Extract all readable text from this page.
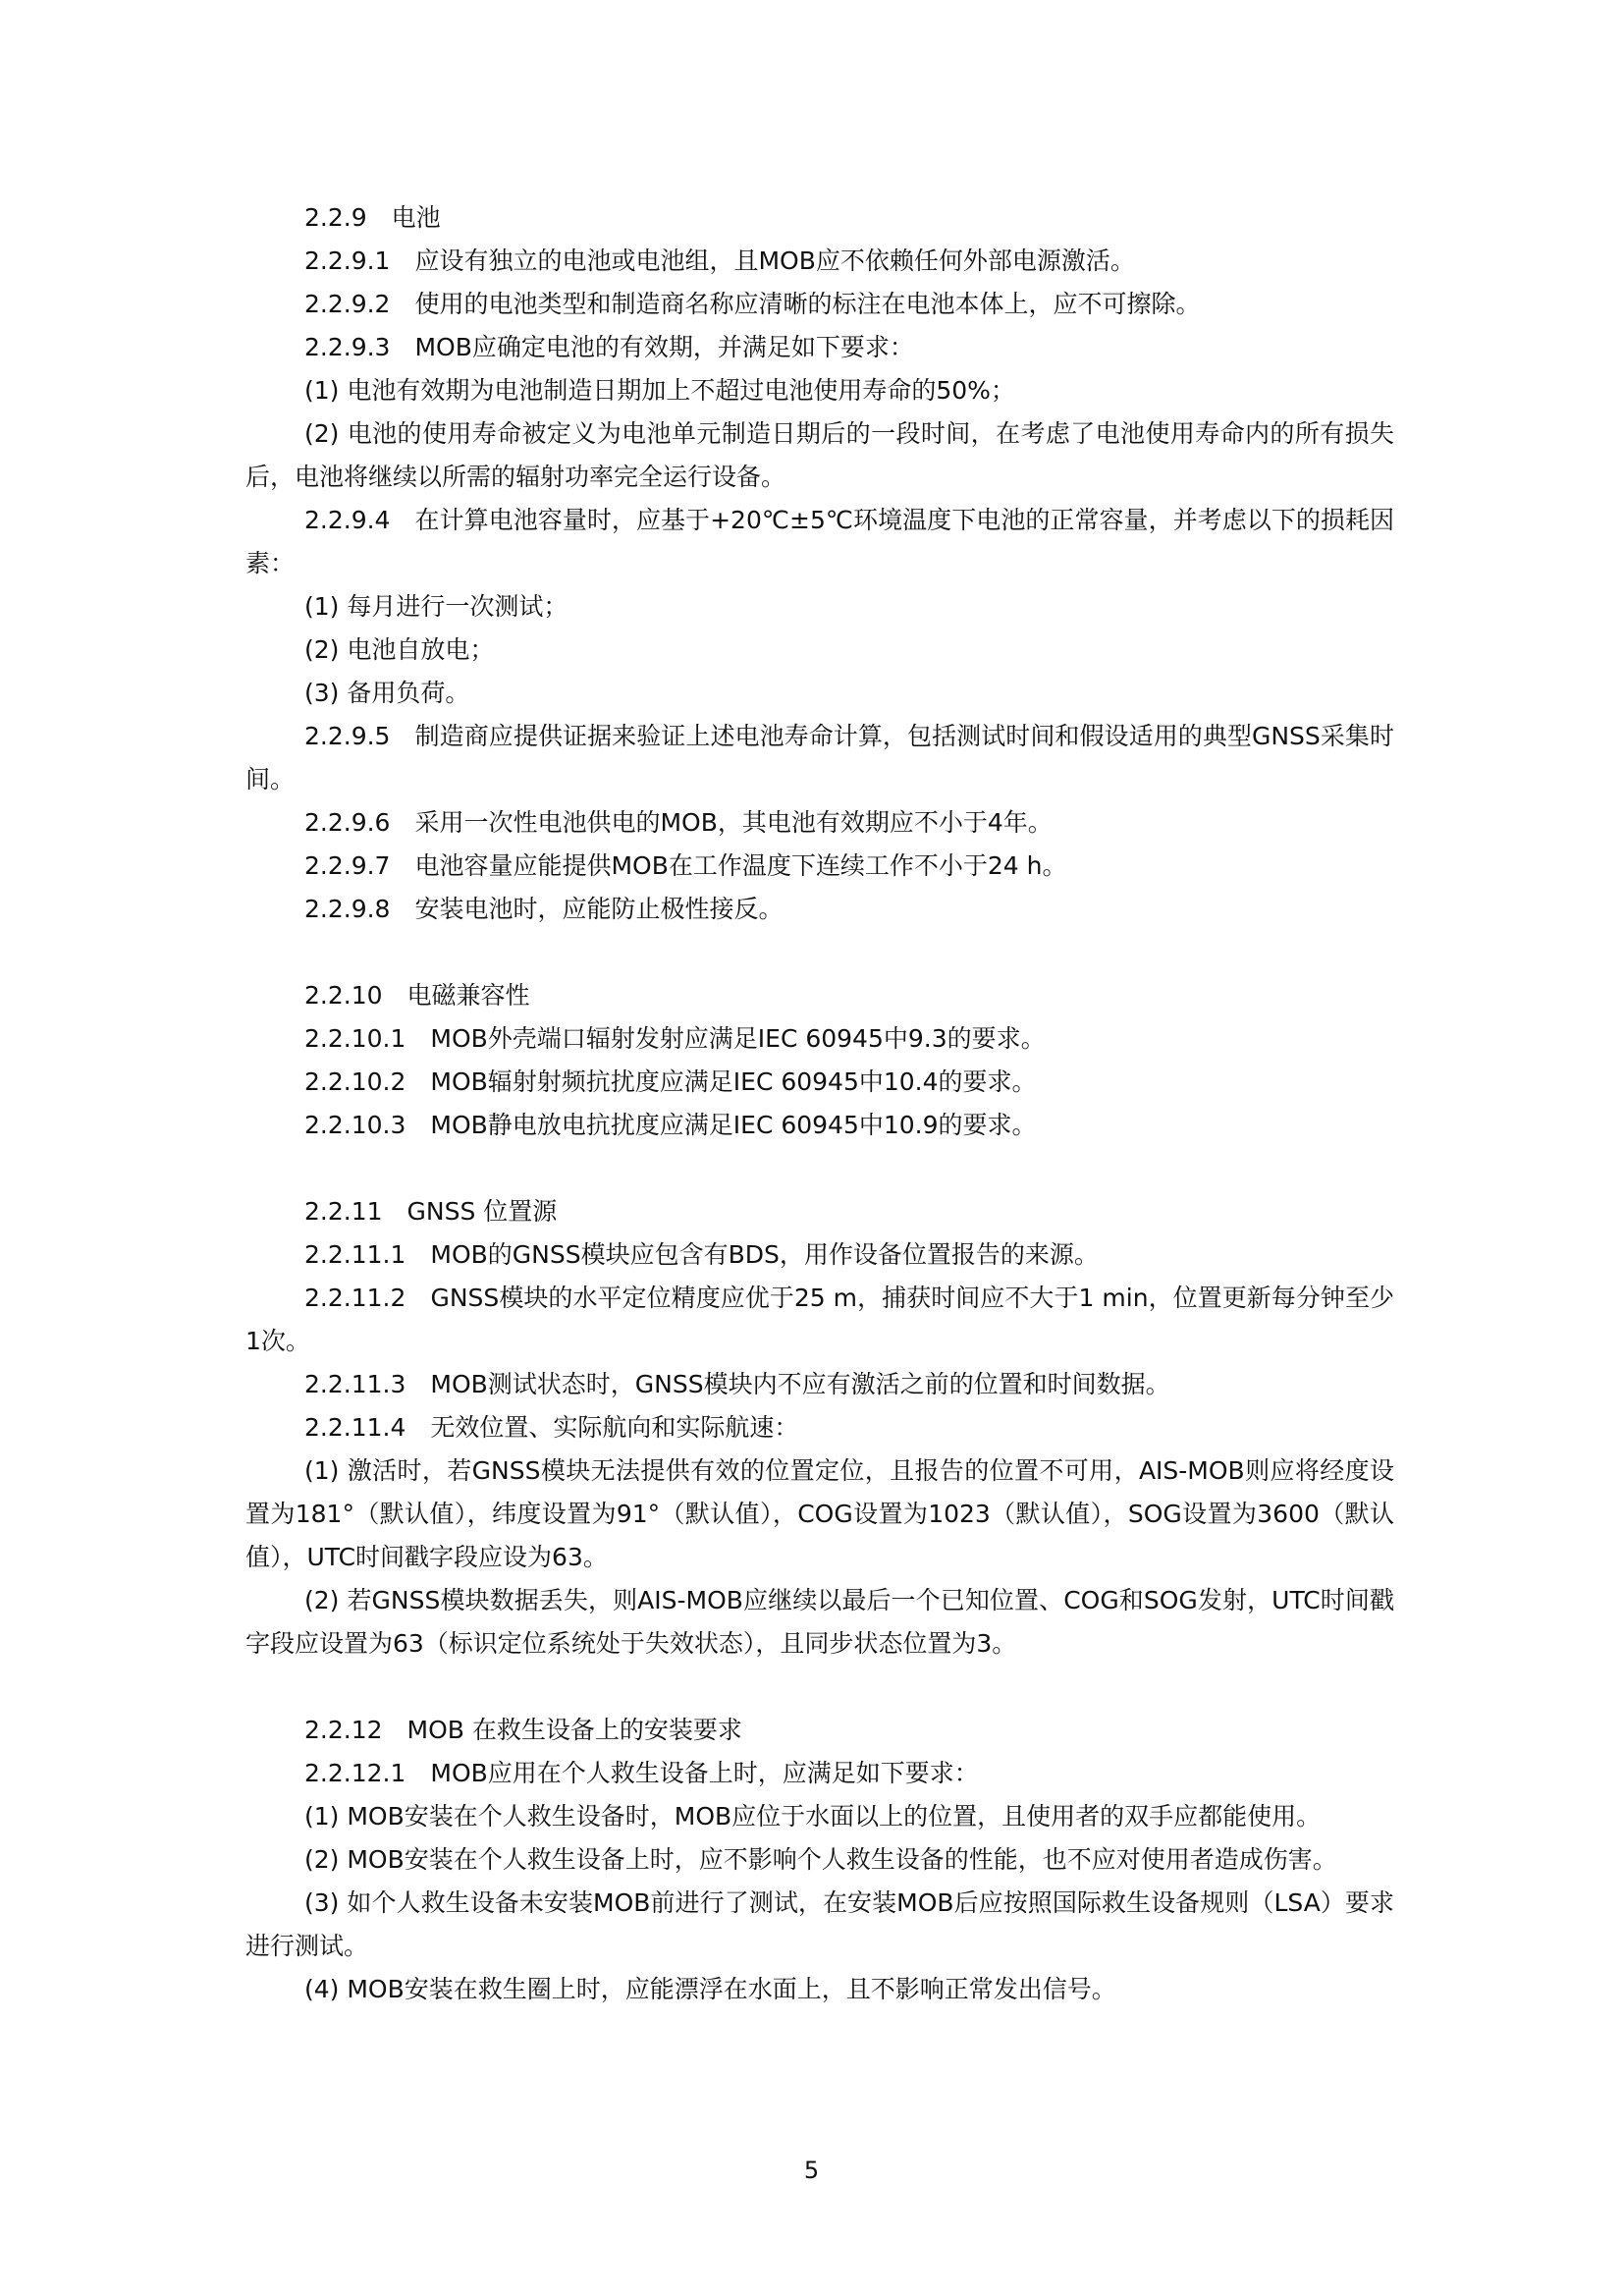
2.2.9　电池
2.2.9.1　应设有独立的电池或电池组，且MOB应不依赖任何外部电源激活。
2.2.9.2　使用的电池类型和制造商名称应清晰的标注在电池本体上，应不可擦除。
2.2.9.3　MOB应确定电池的有效期，并满足如下要求：
(1) 电池有效期为电池制造日期加上不超过电池使用寿命的50%；
(2) 电池的使用寿命被定义为电池单元制造日期后的一段时间，在考虑了电池使用寿命内的所有损失后，电池将继续以所需的辐射功率完全运行设备。
2.2.9.4　在计算电池容量时，应基于+20℃±5℃环境温度下电池的正常容量，并考虑以下的损耗因素：
(1) 每月进行一次测试；
(2) 电池自放电；
(3) 备用负荷。
2.2.9.5　制造商应提供证据来验证上述电池寿命计算，包括测试时间和假设适用的典型GNSS采集时间。
2.2.9.6　采用一次性电池供电的MOB，其电池有效期应不小于4年。
2.2.9.7　电池容量应能提供MOB在工作温度下连续工作不小于24 h。
2.2.9.8　安装电池时，应能防止极性接反。
2.2.10　电磁兼容性
2.2.10.1　MOB外壳端口辐射发射应满足IEC 60945中9.3的要求。
2.2.10.2　MOB辐射射频抗扰度应满足IEC 60945中10.4的要求。
2.2.10.3　MOB静电放电抗扰度应满足IEC 60945中10.9的要求。
2.2.11　GNSS 位置源
2.2.11.1　MOB的GNSS模块应包含有BDS，用作设备位置报告的来源。
2.2.11.2　GNSS模块的水平定位精度应优于25 m，捕获时间应不大于1 min，位置更新每分钟至少1次。
2.2.11.3　MOB测试状态时，GNSS模块内不应有激活之前的位置和时间数据。
2.2.11.4　无效位置、实际航向和实际航速：
(1) 激活时，若GNSS模块无法提供有效的位置定位，且报告的位置不可用，AIS-MOB则应将经度设置为181°（默认值），纬度设置为91°（默认值），COG设置为1023（默认值），SOG设置为3600（默认值），UTC时间戳字段应设为63。
(2) 若GNSS模块数据丢失，则AIS-MOB应继续以最后一个已知位置、COG和SOG发射，UTC时间戳字段应设置为63（标识定位系统处于失效状态），且同步状态位置为3。
2.2.12　MOB 在救生设备上的安装要求
2.2.12.1　MOB应用在个人救生设备上时，应满足如下要求：
(1) MOB安装在个人救生设备时，MOB应位于水面以上的位置，且使用者的双手应都能使用。
(2) MOB安装在个人救生设备上时，应不影响个人救生设备的性能，也不应对使用者造成伤害。
(3) 如个人救生设备未安装MOB前进行了测试，在安装MOB后应按照国际救生设备规则（LSA）要求进行测试。
(4) MOB安装在救生圈上时，应能漂浮在水面上，且不影响正常发出信号。
5
